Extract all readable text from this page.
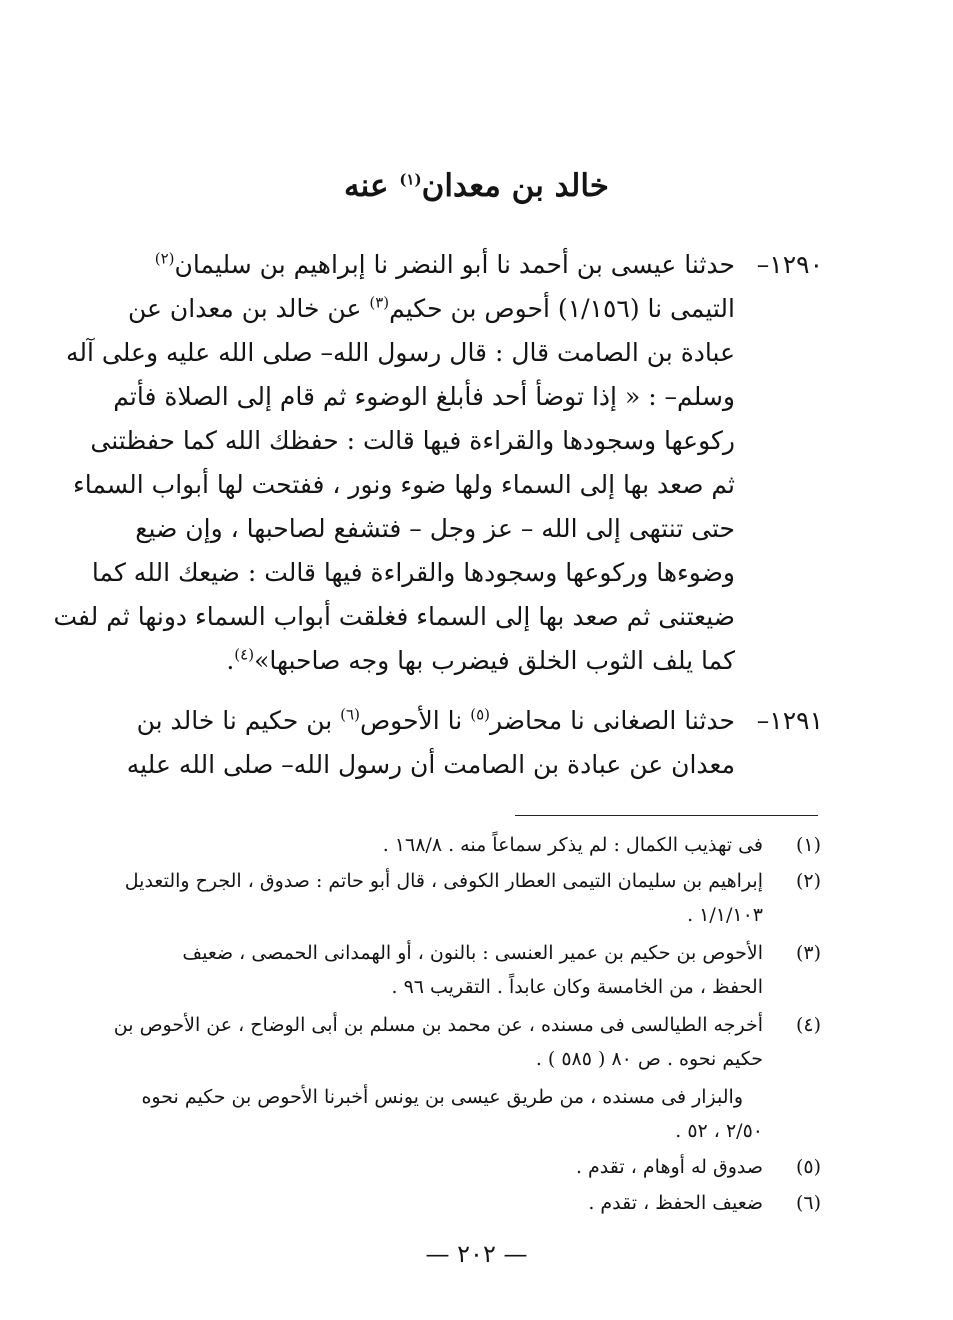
خالد بن معدان$^{(١)}$ عنه
١٢٩٠–
حدثنا عيسى بن أحمد نا أبو النضر نا إبراهيم بن سليمان$^{(٢)}$
التيمى نا (١/١٥٦) أحوص بن حكيم$^{(٣)}$ عن خالد بن معدان عن
عبادة بن الصامت قال : قال رسول الله– صلى الله عليه وعلى آله
وسلم– : « إذا توضأ أحد فأبلغ الوضوء ثم قام إلى الصلاة فأتم
ركوعها وسجودها والقراءة فيها قالت : حفظك الله كما حفظتنى
ثم صعد بها إلى السماء ولها ضوء ونور ، ففتحت لها أبواب السماء
حتى تنتهى إلى الله – عز وجل – فتشفع لصاحبها ، وإن ضيع
وضوءها وركوعها وسجودها والقراءة فيها قالت : ضيعك الله كما
ضيعتنى ثم صعد بها إلى السماء فغلقت أبواب السماء دونها ثم لفت
كما يلف الثوب الخلق فيضرب بها وجه صاحبها»$^{(٤)}$.
١٢٩١–
حدثنا الصغانى نا محاضر$^{(٥)}$ نا الأحوص$^{(٦)}$ بن حكيم نا خالد بن
معدان عن عبادة بن الصامت أن رسول الله– صلى الله عليه
(١)
فى تهذيب الكمال : لم يذكر سماعاً منه . ١٦٨/٨ .
(٢)
إبراهيم بن سليمان التيمى العطار الكوفى ، قال أبو حاتم : صدوق ، الجرح والتعديل
١/١/١٠٣ .
(٣)
الأحوص بن حكيم بن عمير العنسى : بالنون ، أو الهمدانى الحمصى ، ضعيف
الحفظ ، من الخامسة وكان عابداً . التقريب ٩٦ .
(٤)
أخرجه الطيالسى فى مسنده ، عن محمد بن مسلم بن أبى الوضاح ، عن الأحوص بن
حكيم نحوه . ص ٨٠ ( ٥٨٥ ) .
والبزار فى مسنده ، من طريق عيسى بن يونس أخبرنا الأحوص بن حكيم نحوه
٢/٥٠ ، ٥٢ .
(٥)
صدوق له أوهام ، تقدم .
(٦)
ضعيف الحفظ ، تقدم .
— ٢٠٢ —
